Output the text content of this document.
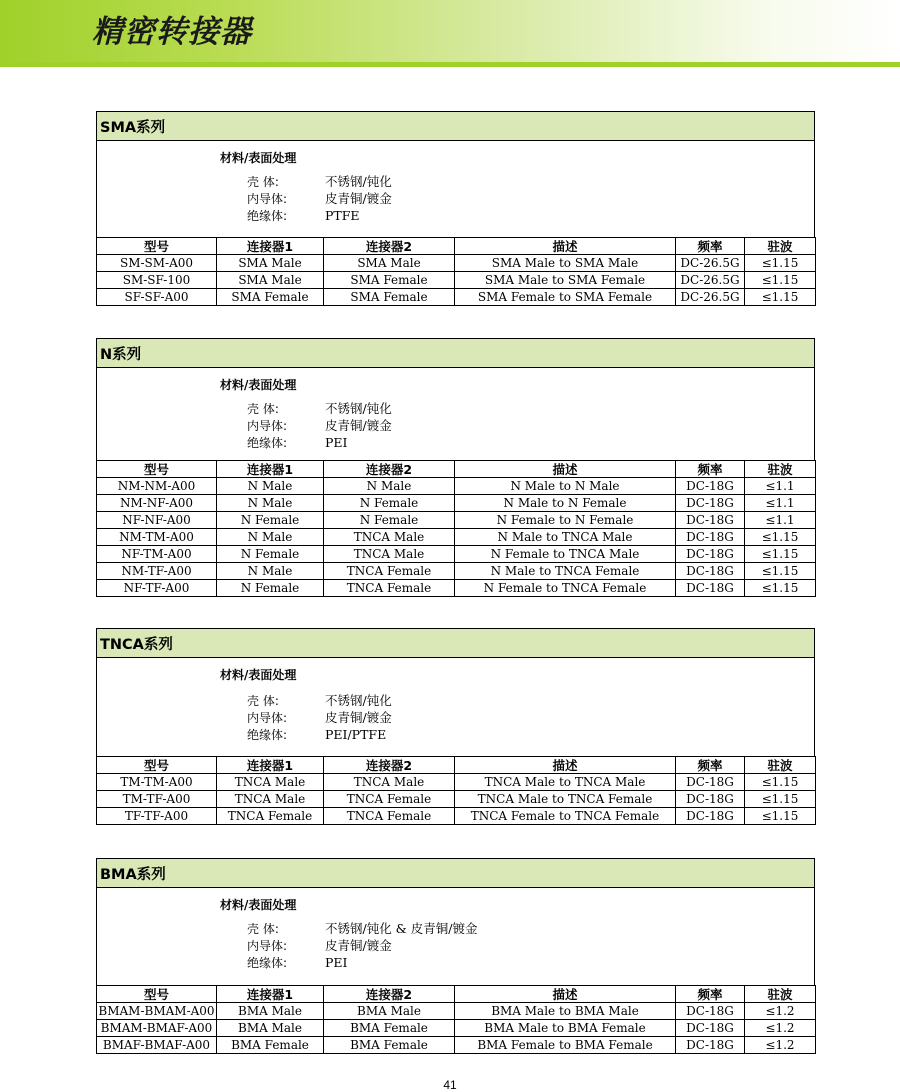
精密转接器
SMA系列
材料/表面处理
壳 体:	不锈钢/钝化
内导体:	皮青铜/镀金
绝缘体:	PTFE
型号	连接器1	连接器2	描述	频率	驻波
SM-SM-A00	SMA Male	SMA Male	SMA Male to SMA Male	DC-26.5G	≤1.15
SM-SF-100	SMA Male	SMA Female	SMA Male to SMA Female	DC-26.5G	≤1.15
SF-SF-A00	SMA Female	SMA Female	SMA Female to SMA Female	DC-26.5G	≤1.15
N系列
材料/表面处理
壳 体:	不锈钢/钝化
内导体:	皮青铜/镀金
绝缘体:	PEI
型号	连接器1	连接器2	描述	频率	驻波
NM-NM-A00	N Male	N Male	N Male to N Male	DC-18G	≤1.1
NM-NF-A00	N Male	N Female	N Male to N Female	DC-18G	≤1.1
NF-NF-A00	N Female	N Female	N Female to N Female	DC-18G	≤1.1
NM-TM-A00	N Male	TNCA Male	N Male to TNCA Male	DC-18G	≤1.15
NF-TM-A00	N Female	TNCA Male	N Female to TNCA Male	DC-18G	≤1.15
NM-TF-A00	N Male	TNCA Female	N Male to TNCA Female	DC-18G	≤1.15
NF-TF-A00	N Female	TNCA Female	N Female to TNCA Female	DC-18G	≤1.15
TNCA系列
材料/表面处理
壳 体:	不锈钢/钝化
内导体:	皮青铜/镀金
绝缘体:	PEI/PTFE
型号	连接器1	连接器2	描述	频率	驻波
TM-TM-A00	TNCA Male	TNCA Male	TNCA Male to TNCA Male	DC-18G	≤1.15
TM-TF-A00	TNCA Male	TNCA Female	TNCA Male to TNCA Female	DC-18G	≤1.15
TF-TF-A00	TNCA Female	TNCA Female	TNCA Female to TNCA Female	DC-18G	≤1.15
BMA系列
材料/表面处理
壳 体:	不锈钢/钝化 & 皮青铜/镀金
内导体:	皮青铜/镀金
绝缘体:	PEI
型号	连接器1	连接器2	描述	频率	驻波
BMAM-BMAM-A00	BMA Male	BMA Male	BMA Male to BMA Male	DC-18G	≤1.2
BMAM-BMAF-A00	BMA Male	BMA Female	BMA Male to BMA Female	DC-18G	≤1.2
BMAF-BMAF-A00	BMA Female	BMA Female	BMA Female to BMA Female	DC-18G	≤1.2
41
